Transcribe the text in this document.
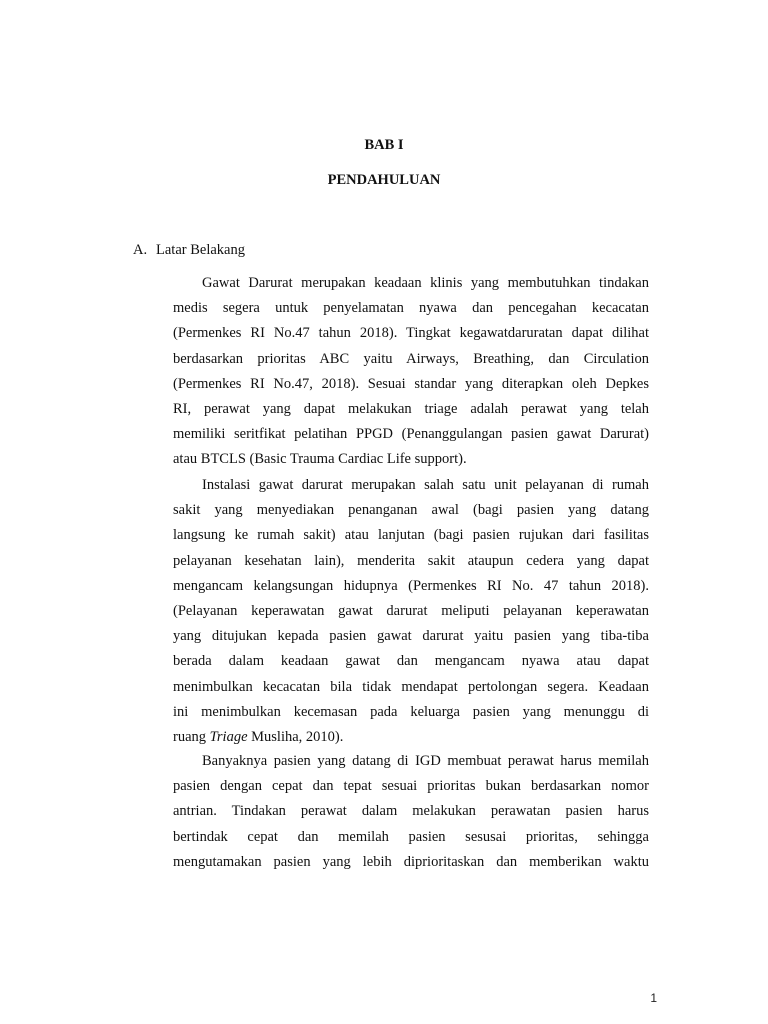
BAB I
PENDAHULUAN
A. Latar Belakang
Gawat Darurat merupakan keadaan klinis yang membutuhkan tindakan
medis segera untuk penyelamatan nyawa dan pencegahan kecacatan
(Permenkes RI No.47 tahun 2018). Tingkat kegawatdaruratan dapat dilihat
berdasarkan prioritas ABC yaitu Airways, Breathing, dan Circulation
(Permenkes RI No.47, 2018). Sesuai standar yang diterapkan oleh Depkes
RI, perawat yang dapat melakukan triage adalah perawat yang telah
memiliki seritfikat pelatihan PPGD (Penanggulangan pasien gawat Darurat)
atau BTCLS (Basic Trauma Cardiac Life support).
Instalasi gawat darurat merupakan salah satu unit pelayanan di rumah
sakit yang menyediakan penanganan awal (bagi pasien yang datang
langsung ke rumah sakit) atau lanjutan (bagi pasien rujukan dari fasilitas
pelayanan kesehatan lain), menderita sakit ataupun cedera yang dapat
mengancam kelangsungan hidupnya (Permenkes RI No. 47 tahun 2018).
(Pelayanan keperawatan gawat darurat meliputi pelayanan keperawatan
yang ditujukan kepada pasien gawat darurat yaitu pasien yang tiba-tiba
berada dalam keadaan gawat dan mengancam nyawa atau dapat
menimbulkan kecacatan bila tidak mendapat pertolongan segera. Keadaan
ini menimbulkan kecemasan pada keluarga pasien yang menunggu di
ruang Triage Musliha, 2010).
Banyaknya pasien yang datang di IGD membuat perawat harus memilah
pasien dengan cepat dan tepat sesuai prioritas bukan berdasarkan nomor
antrian. Tindakan perawat dalam melakukan perawatan pasien harus
bertindak cepat dan memilah pasien sesusai prioritas, sehingga
mengutamakan pasien yang lebih diprioritaskan dan memberikan waktu
1
